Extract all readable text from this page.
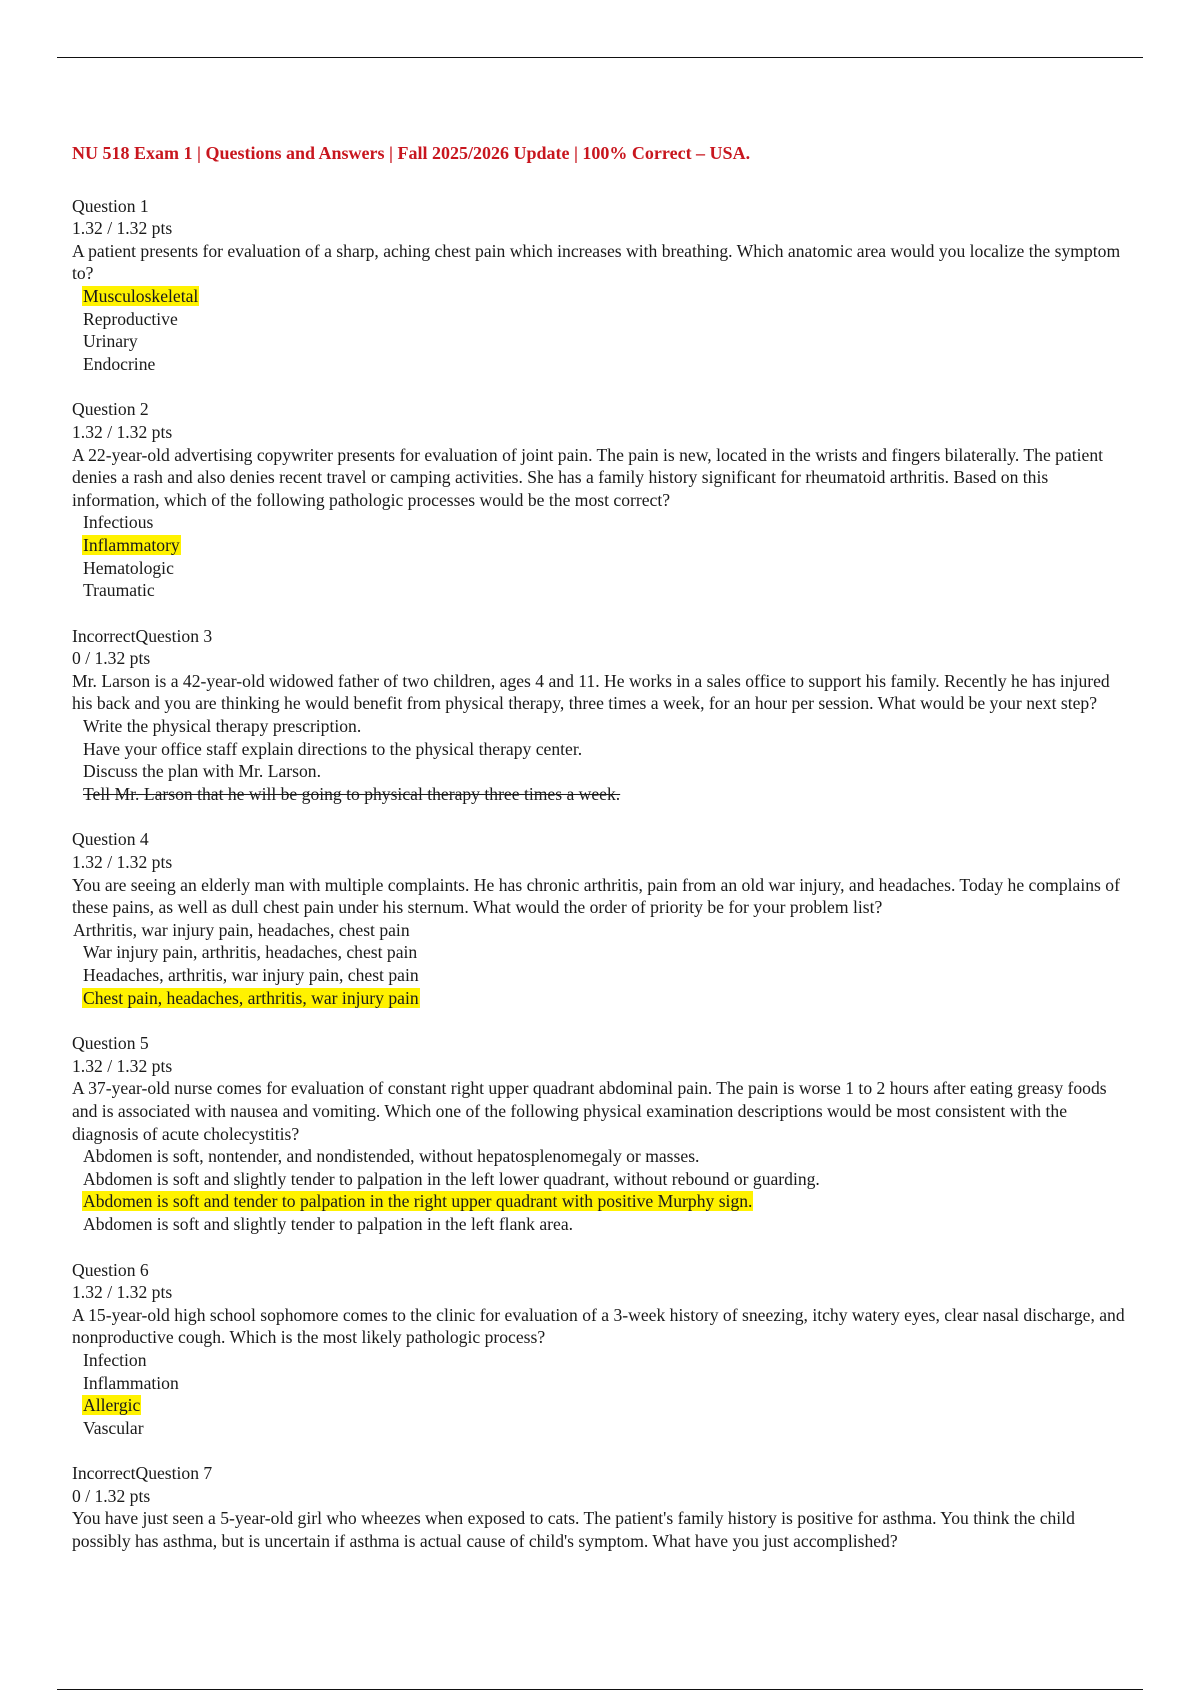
NU 518 Exam 1 | Questions and Answers | Fall 2025/2026 Update | 100% Correct – USA.
Question 1
1.32 / 1.32 pts
A patient presents for evaluation of a sharp, aching chest pain which increases with breathing. Which anatomic area would you localize the symptom to?
Musculoskeletal
Reproductive
Urinary
Endocrine
Question 2
1.32 / 1.32 pts
A 22-year-old advertising copywriter presents for evaluation of joint pain. The pain is new, located in the wrists and fingers bilaterally. The patient denies a rash and also denies recent travel or camping activities. She has a family history significant for rheumatoid arthritis. Based on this information, which of the following pathologic processes would be the most correct?
Infectious
Inflammatory
Hematologic
Traumatic
IncorrectQuestion 3
0 / 1.32 pts
Mr. Larson is a 42-year-old widowed father of two children, ages 4 and 11. He works in a sales office to support his family. Recently he has injured his back and you are thinking he would benefit from physical therapy, three times a week, for an hour per session. What would be your next step?
Write the physical therapy prescription.
Have your office staff explain directions to the physical therapy center.
Discuss the plan with Mr. Larson.
Tell Mr. Larson that he will be going to physical therapy three times a week.
Question 4
1.32 / 1.32 pts
You are seeing an elderly man with multiple complaints. He has chronic arthritis, pain from an old war injury, and headaches. Today he complains of these pains, as well as dull chest pain under his sternum. What would the order of priority be for your problem list?
Arthritis, war injury pain, headaches, chest pain
War injury pain, arthritis, headaches, chest pain
Headaches, arthritis, war injury pain, chest pain
Chest pain, headaches, arthritis, war injury pain
Question 5
1.32 / 1.32 pts
A 37-year-old nurse comes for evaluation of constant right upper quadrant abdominal pain. The pain is worse 1 to 2 hours after eating greasy foods and is associated with nausea and vomiting. Which one of the following physical examination descriptions would be most consistent with the diagnosis of acute cholecystitis?
Abdomen is soft, nontender, and nondistended, without hepatosplenomegaly or masses.
Abdomen is soft and slightly tender to palpation in the left lower quadrant, without rebound or guarding.
Abdomen is soft and tender to palpation in the right upper quadrant with positive Murphy sign.
Abdomen is soft and slightly tender to palpation in the left flank area.
Question 6
1.32 / 1.32 pts
A 15-year-old high school sophomore comes to the clinic for evaluation of a 3-week history of sneezing, itchy watery eyes, clear nasal discharge, and nonproductive cough. Which is the most likely pathologic process?
Infection
Inflammation
Allergic
Vascular
IncorrectQuestion 7
0 / 1.32 pts
You have just seen a 5-year-old girl who wheezes when exposed to cats. The patient's family history is positive for asthma. You think the child possibly has asthma, but is uncertain if asthma is actual cause of child's symptom. What have you just accomplished?
